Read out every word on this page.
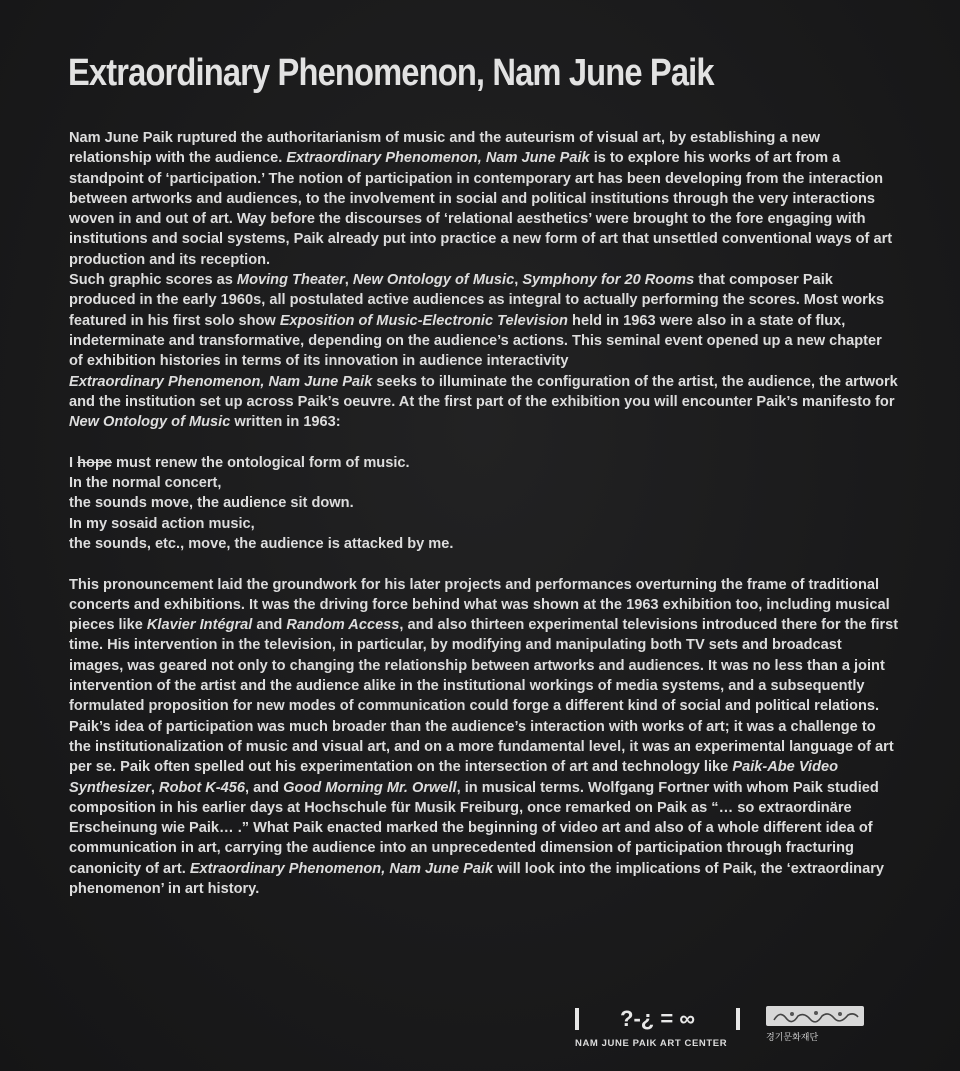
Extraordinary Phenomenon, Nam June Paik

Nam June Paik ruptured the authoritarianism of music and the auteurism of visual art, by establishing a new relationship with the audience. Extraordinary Phenomenon, Nam June Paik is to explore his works of art from a standpoint of ‘participation.’ The notion of participation in contemporary art has been developing from the interaction between artworks and audiences, to the involvement in social and political institutions through the very interactions woven in and out of art. Way before the discourses of ‘relational aesthetics’ were brought to the fore engaging with institutions and social systems, Paik already put into practice a new form of art that unsettled conventional ways of art production and its reception.

Such graphic scores as Moving Theater, New Ontology of Music, Symphony for 20 Rooms that composer Paik produced in the early 1960s, all postulated active audiences as integral to actually performing the scores. Most works featured in his first solo show Exposition of Music-Electronic Television held in 1963 were also in a state of flux, indeterminate and transformative, depending on the audience’s actions. This seminal event opened up a new chapter of exhibition histories in terms of its innovation in audience interactivity

Extraordinary Phenomenon, Nam June Paik seeks to illuminate the configuration of the artist, the audience, the artwork and the institution set up across Paik’s oeuvre. At the first part of the exhibition you will encounter Paik’s manifesto for New Ontology of Music written in 1963:

I hope must renew the ontological form of music.
In the normal concert,
the sounds move, the audience sit down.
In my sosaid action music,
the sounds, etc., move, the audience is attacked by me.

This pronouncement laid the groundwork for his later projects and performances overturning the frame of traditional concerts and exhibitions. It was the driving force behind what was shown at the 1963 exhibition too, including musical pieces like Klavier Intégral and Random Access, and also thirteen experimental televisions introduced there for the first time. His intervention in the television, in particular, by modifying and manipulating both TV sets and broadcast images, was geared not only to changing the relationship between artworks and audiences. It was no less than a joint intervention of the artist and the audience alike in the institutional workings of media systems, and a subsequently formulated proposition for new modes of communication could forge a different kind of social and political relations.

Paik’s idea of participation was much broader than the audience’s interaction with works of art; it was a challenge to the institutionalization of music and visual art, and on a more fundamental level, it was an experimental language of art per se. Paik often spelled out his experimentation on the intersection of art and technology like Paik-Abe Video Synthesizer, Robot K-456, and Good Morning Mr. Orwell, in musical terms. Wolfgang Fortner with whom Paik studied composition in his earlier days at Hochschule für Musik Freiburg, once remarked on Paik as “… so extraordinäre Erscheinung wie Paik… .” What Paik enacted marked the beginning of video art and also of a whole different idea of communication in art, carrying the audience into an unprecedented dimension of participation through fracturing canonicity of art. Extraordinary Phenomenon, Nam June Paik will look into the implications of Paik, the ‘extraordinary phenomenon’ in art history.

?-¿ = ∞
NAM JUNE PAIK ART CENTER
경기문화재단
